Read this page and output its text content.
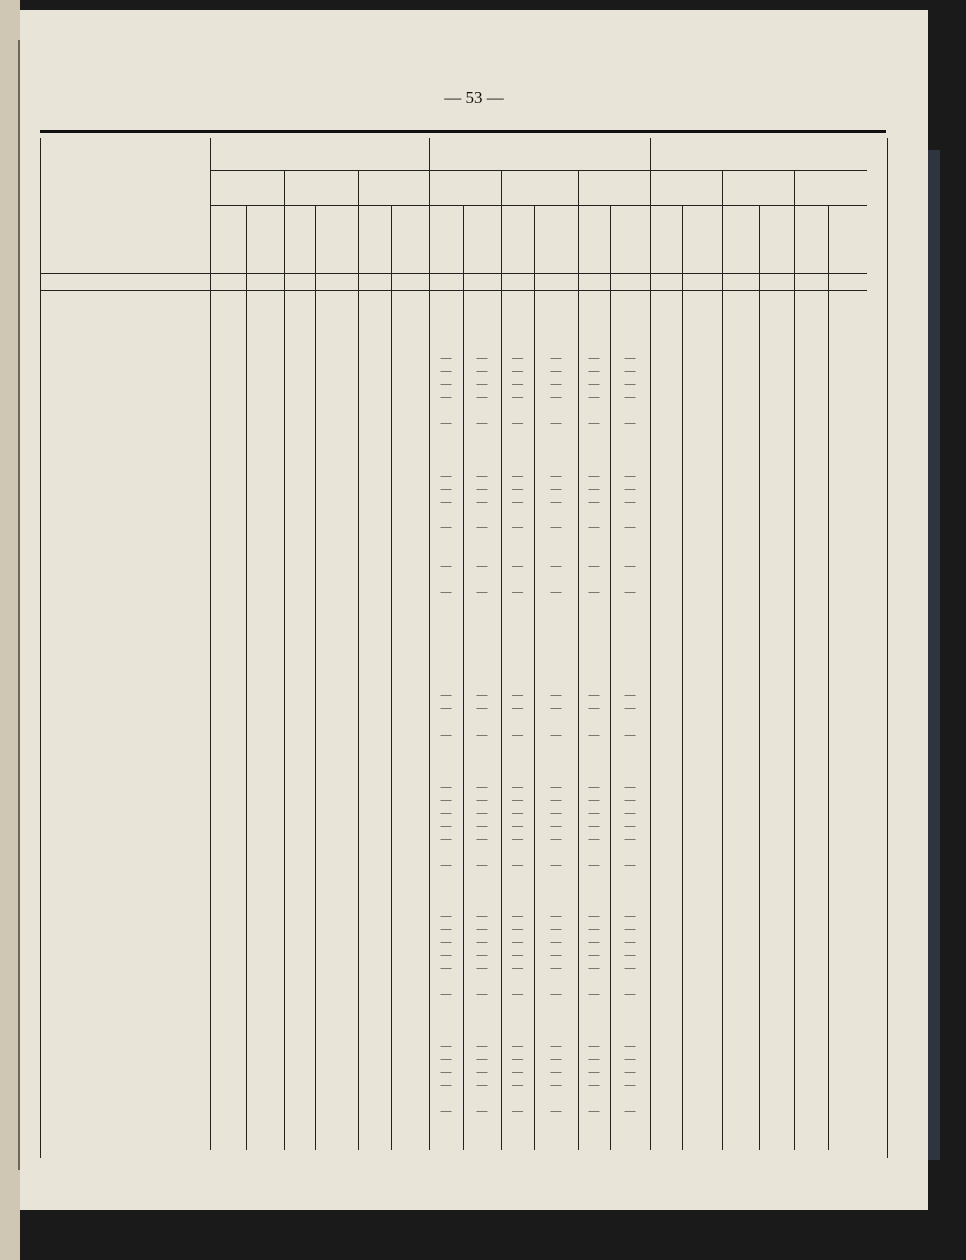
— 53 —
—	—	—	—	—	—
—	—	—	—	—	—
—	—	—	—	—	—
—	—	—	—	—	—
—	—	—	—	—	—
—	—	—	—	—	—
—	—	—	—	—	—
—	—	—	—	—	—
—	—	—	—	—	—
—	—	—	—	—	—
—	—	—	—	—	—
—	—	—	—	—	—
—	—	—	—	—	—
—	—	—	—	—	—
—	—	—	—	—	—
—	—	—	—	—	—
—	—	—	—	—	—
—	—	—	—	—	—
—	—	—	—	—	—
—	—	—	—	—	—
—	—	—	—	—	—
—	—	—	—	—	—
—	—	—	—	—	—
—	—	—	—	—	—
—	—	—	—	—	—
—	—	—	—	—	—
—	—	—	—	—	—
—	—	—	—	—	—
—	—	—	—	—	—
—	—	—	—	—	—
—	—	—	—	—	—
